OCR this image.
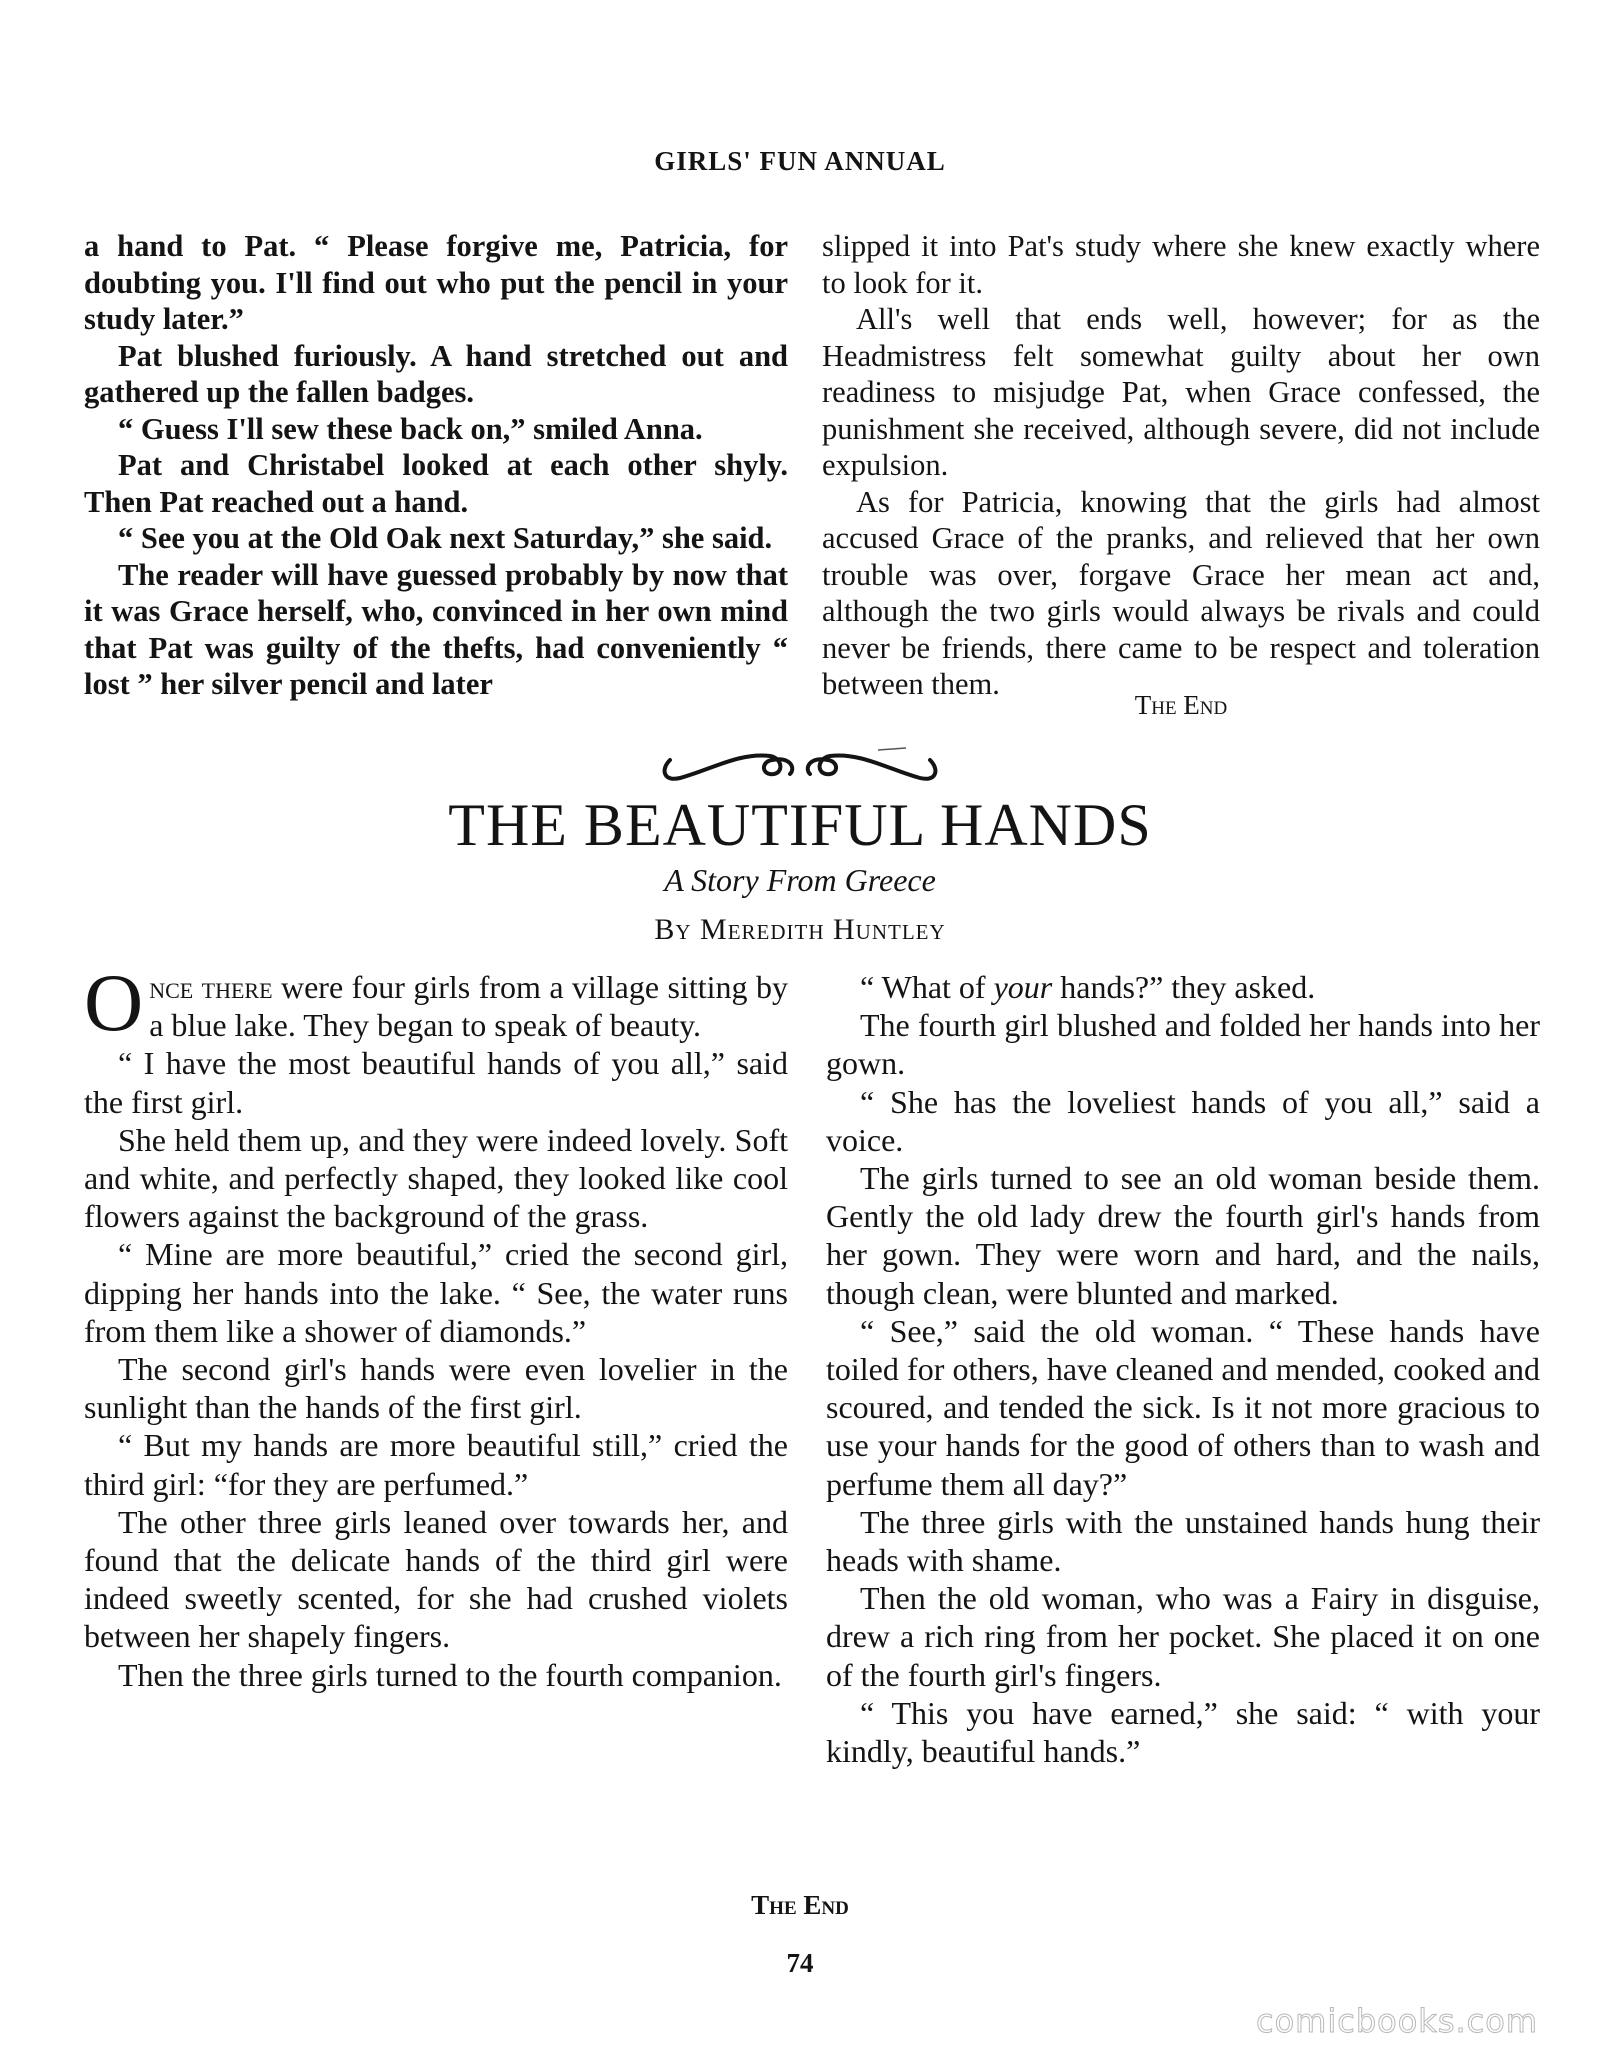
GIRLS' FUN ANNUAL

a hand to Pat. “ Please forgive me, Patricia, for doubting you. I'll find out who put the pencil in your study later.”

Pat blushed furiously. A hand stretched out and gathered up the fallen badges.

“ Guess I'll sew these back on,” smiled Anna.

Pat and Christabel looked at each other shyly. Then Pat reached out a hand.

“ See you at the Old Oak next Saturday,” she said.

The reader will have guessed probably by now that it was Grace herself, who, convinced in her own mind that Pat was guilty of the thefts, had conveniently “ lost ” her silver pencil and later

slipped it into Pat's study where she knew exactly where to look for it.

All's well that ends well, however; for as the Headmistress felt somewhat guilty about her own readiness to misjudge Pat, when Grace confessed, the punishment she received, although severe, did not include expulsion.

As for Patricia, knowing that the girls had almost accused Grace of the pranks, and relieved that her own trouble was over, forgave Grace her mean act and, although the two girls would always be rivals and could never be friends, there came to be respect and toleration between them.

The End
THE BEAUTIFUL HANDS
A Story From Greece
By Meredith Huntley

Once there were four girls from a village sitting by a blue lake. They began to speak of beauty.

“ I have the most beautiful hands of you all,” said the first girl.

She held them up, and they were indeed lovely. Soft and white, and perfectly shaped, they looked like cool flowers against the background of the grass.

“ Mine are more beautiful,” cried the second girl, dipping her hands into the lake. “ See, the water runs from them like a shower of diamonds.”

The second girl's hands were even lovelier in the sunlight than the hands of the first girl.

“ But my hands are more beautiful still,” cried the third girl: “for they are perfumed.”

The other three girls leaned over towards her, and found that the delicate hands of the third girl were indeed sweetly scented, for she had crushed violets between her shapely fingers.

Then the three girls turned to the fourth companion.

“ What of your hands?” they asked.

The fourth girl blushed and folded her hands into her gown.

“ She has the loveliest hands of you all,” said a voice.

The girls turned to see an old woman beside them. Gently the old lady drew the fourth girl's hands from her gown. They were worn and hard, and the nails, though clean, were blunted and marked.

“ See,” said the old woman. “ These hands have toiled for others, have cleaned and mended, cooked and scoured, and tended the sick. Is it not more gracious to use your hands for the good of others than to wash and perfume them all day?”

The three girls with the unstained hands hung their heads with shame.

Then the old woman, who was a Fairy in disguise, drew a rich ring from her pocket. She placed it on one of the fourth girl's fingers.

“ This you have earned,” she said: “ with your kindly, beautiful hands.”

The End
74
comicbooks.com
